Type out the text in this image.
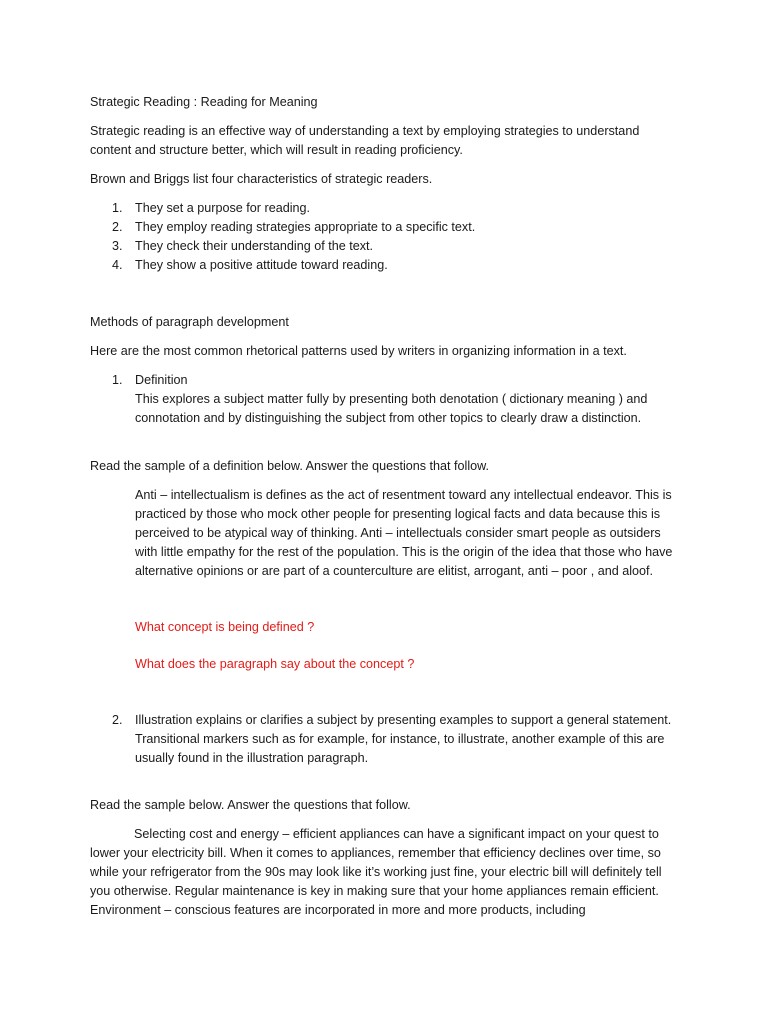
Strategic Reading : Reading for Meaning

Strategic reading is an effective way of understanding a text by employing strategies to understand content and structure better, which will result in reading proficiency.

Brown and Briggs list four characteristics of strategic readers.

1. They set a purpose for reading.
2. They employ reading strategies appropriate to a specific text.
3. They check their understanding of the text.
4. They show a positive attitude toward reading.

Methods of paragraph development

Here are the most common rhetorical patterns used by writers in organizing information in a text.

1. Definition

This explores a subject matter fully by presenting both denotation ( dictionary meaning ) and connotation and by distinguishing the subject from other topics to clearly draw a distinction.

Read the sample of a definition below. Answer the questions that follow.

Anti – intellectualism is defines as the act of resentment toward any intellectual endeavor. This is practiced by those who mock other people for presenting logical facts and data because this is perceived to be atypical way of thinking. Anti – intellectuals consider smart people as outsiders with little empathy for the rest of the population. This is the origin of the idea that those who have alternative opinions or are part of a counterculture are elitist, arrogant, anti – poor , and aloof.

What concept is being defined ?

What does the paragraph say about the concept ?

2. Illustration explains or clarifies a subject by presenting examples to support a general statement. Transitional markers such as for example, for instance, to illustrate, another example of this are usually found in the illustration paragraph.

Read the sample below. Answer the questions that follow.

Selecting cost and energy – efficient appliances can have a significant impact on your quest to lower your electricity bill. When it comes to appliances, remember that efficiency declines over time, so while your refrigerator from the 90s may look like it’s working just fine, your electric bill will definitely tell you otherwise. Regular maintenance is key in making sure that your home appliances remain efficient. Environment – conscious features are incorporated in more and more products, including
